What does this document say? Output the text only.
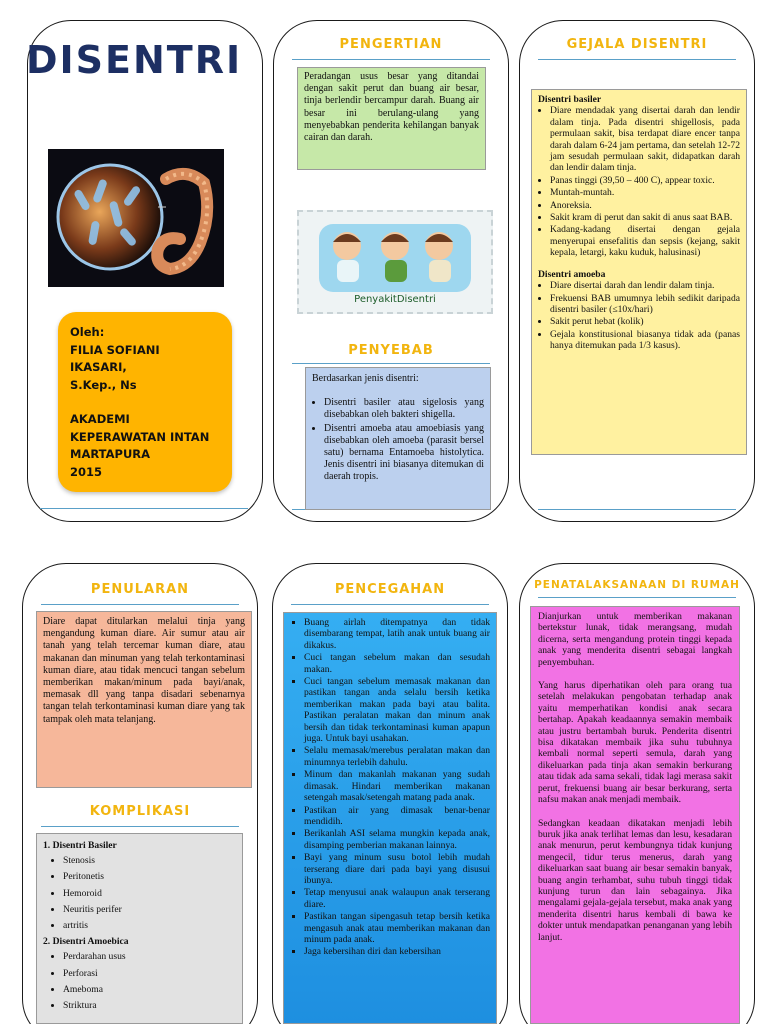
DISENTRI
Oleh:
FILIA SOFIANI IKASARI,
S.Kep., Ns
AKADEMI
KEPERAWATAN INTAN
MARTAPURA
2015
PENGERTIAN
PENYEBAB
Peradangan usus besar yang ditandai dengan sakit perut dan buang air besar, tinja berlendir bercampur darah. Buang air besar ini berulang-ulang yang menyebabkan penderita kehilangan banyak cairan dan darah.
PenyakitDisentri
Berdasarkan jenis disentri:
• Disentri basiler atau sigelosis yang disebabkan oleh bakteri shigella.
• Disentri amoeba atau amoebiasis yang disebabkan oleh amoeba (parasit bersel satu) bernama Entamoeba histolytica. Jenis disentri ini biasanya ditemukan di daerah tropis.
GEJALA DISENTRI
Disentri basiler
• Diare mendadak yang disertai darah dan lendir dalam tinja. Pada disentri shigellosis, pada permulaan sakit, bisa terdapat diare encer tanpa darah dalam 6-24 jam pertama, dan setelah 12-72 jam sesudah permulaan sakit, didapatkan darah dan lendir dalam tinja.
• Panas tinggi (39,50 – 400 C), appear toxic.
• Muntah-muntah.
• Anoreksia.
• Sakit kram di perut dan sakit di anus saat BAB.
• Kadang-kadang disertai dengan gejala menyerupai ensefalitis dan sepsis (kejang, sakit kepala, letargi, kaku kuduk, halusinasi)
Disentri amoeba
• Diare disertai darah dan lendir dalam tinja.
• Frekuensi BAB umumnya lebih sedikit daripada disentri basiler (≤10x/hari)
• Sakit perut hebat (kolik)
• Gejala konstitusional biasanya tidak ada (panas hanya ditemukan pada 1/3 kasus).
PENULARAN
KOMPLIKASI
Diare dapat ditularkan melalui tinja yang mengandung kuman diare. Air sumur atau air tanah yang telah tercemar kuman diare, atau makanan dan minuman yang telah terkontaminasi kuman diare, atau tidak mencuci tangan sebelum memberikan makan/minum pada bayi/anak, memasak dll yang tanpa disadari sebenarnya tangan telah terkontaminasi kuman diare yang tak tampak oleh mata telanjang.
1. Disentri Basiler
• Stenosis
• Peritonetis
• Hemoroid
• Neuritis perifer
• artritis
2. Disentri Amoebica
• Perdarahan usus
• Perforasi
• Ameboma
• Striktura
PENCEGAHAN
▪ Buang airlah ditempatnya dan tidak disembarang tempat, latih anak untuk buang air dikakus.
▪ Cuci tangan sebelum makan dan sesudah makan.
▪ Cuci tangan sebelum memasak makanan dan pastikan tangan anda selalu bersih ketika memberikan makan pada bayi atau balita. Pastikan peralatan makan dan minum anak bersih dan tidak terkontaminasi kuman apapun juga. Untuk bayi usahakan.
▪ Selalu memasak/merebus peralatan makan dan minumnya terlebih dahulu.
▪ Minum dan makanlah makanan yang sudah dimasak. Hindari memberikan makanan setengah masak/setengah matang pada anak.
▪ Pastikan air yang dimasak benar-benar mendidih.
▪ Berikanlah ASI selama mungkin kepada anak, disamping pemberian makanan lainnya.
▪ Bayi yang minum susu botol lebih mudah terserang diare dari pada bayi yang disusui ibunya.
▪ Tetap menyusui anak walaupun anak terserang diare.
▪ Pastikan tangan sipengasuh tetap bersih ketika mengasuh anak atau memberikan makanan dan minum pada anak.
▪ Jaga kebersihan diri dan kebersihan
PENATALAKSANAAN DI RUMAH

Dianjurkan untuk memberikan makanan bertekstur lunak, tidak merangsang, mudah dicerna, serta mengandung protein tinggi kepada anak yang menderita disentri sebagai langkah penyembuhan.

Yang harus diperhatikan oleh para orang tua setelah melakukan pengobatan terhadap anak yaitu memperhatikan kondisi anak secara bertahap. Apakah keadaannya semakin membaik atau justru bertambah buruk. Penderita disentri bisa dikatakan membaik jika suhu tubuhnya kembali normal seperti semula, darah yang dikeluarkan pada tinja akan semakin berkurang atau tidak ada sama sekali, tidak lagi merasa sakit perut, frekuensi buang air besar berkurang, serta nafsu makan anak menjadi membaik.

Sedangkan keadaan dikatakan menjadi lebih buruk jika anak terlihat lemas dan lesu, kesadaran anak menurun, perut kembungnya tidak kunjung mengecil, tidur terus menerus, darah yang dikeluarkan saat buang air besar semakin banyak, buang angin terhambat, suhu tubuh tinggi tidak kunjung turun dan lain sebagainya. Jika mengalami gejala-gejala tersebut, maka anak yang menderita disentri harus kembali di bawa ke dokter untuk mendapatkan penanganan yang lebih lanjut.
